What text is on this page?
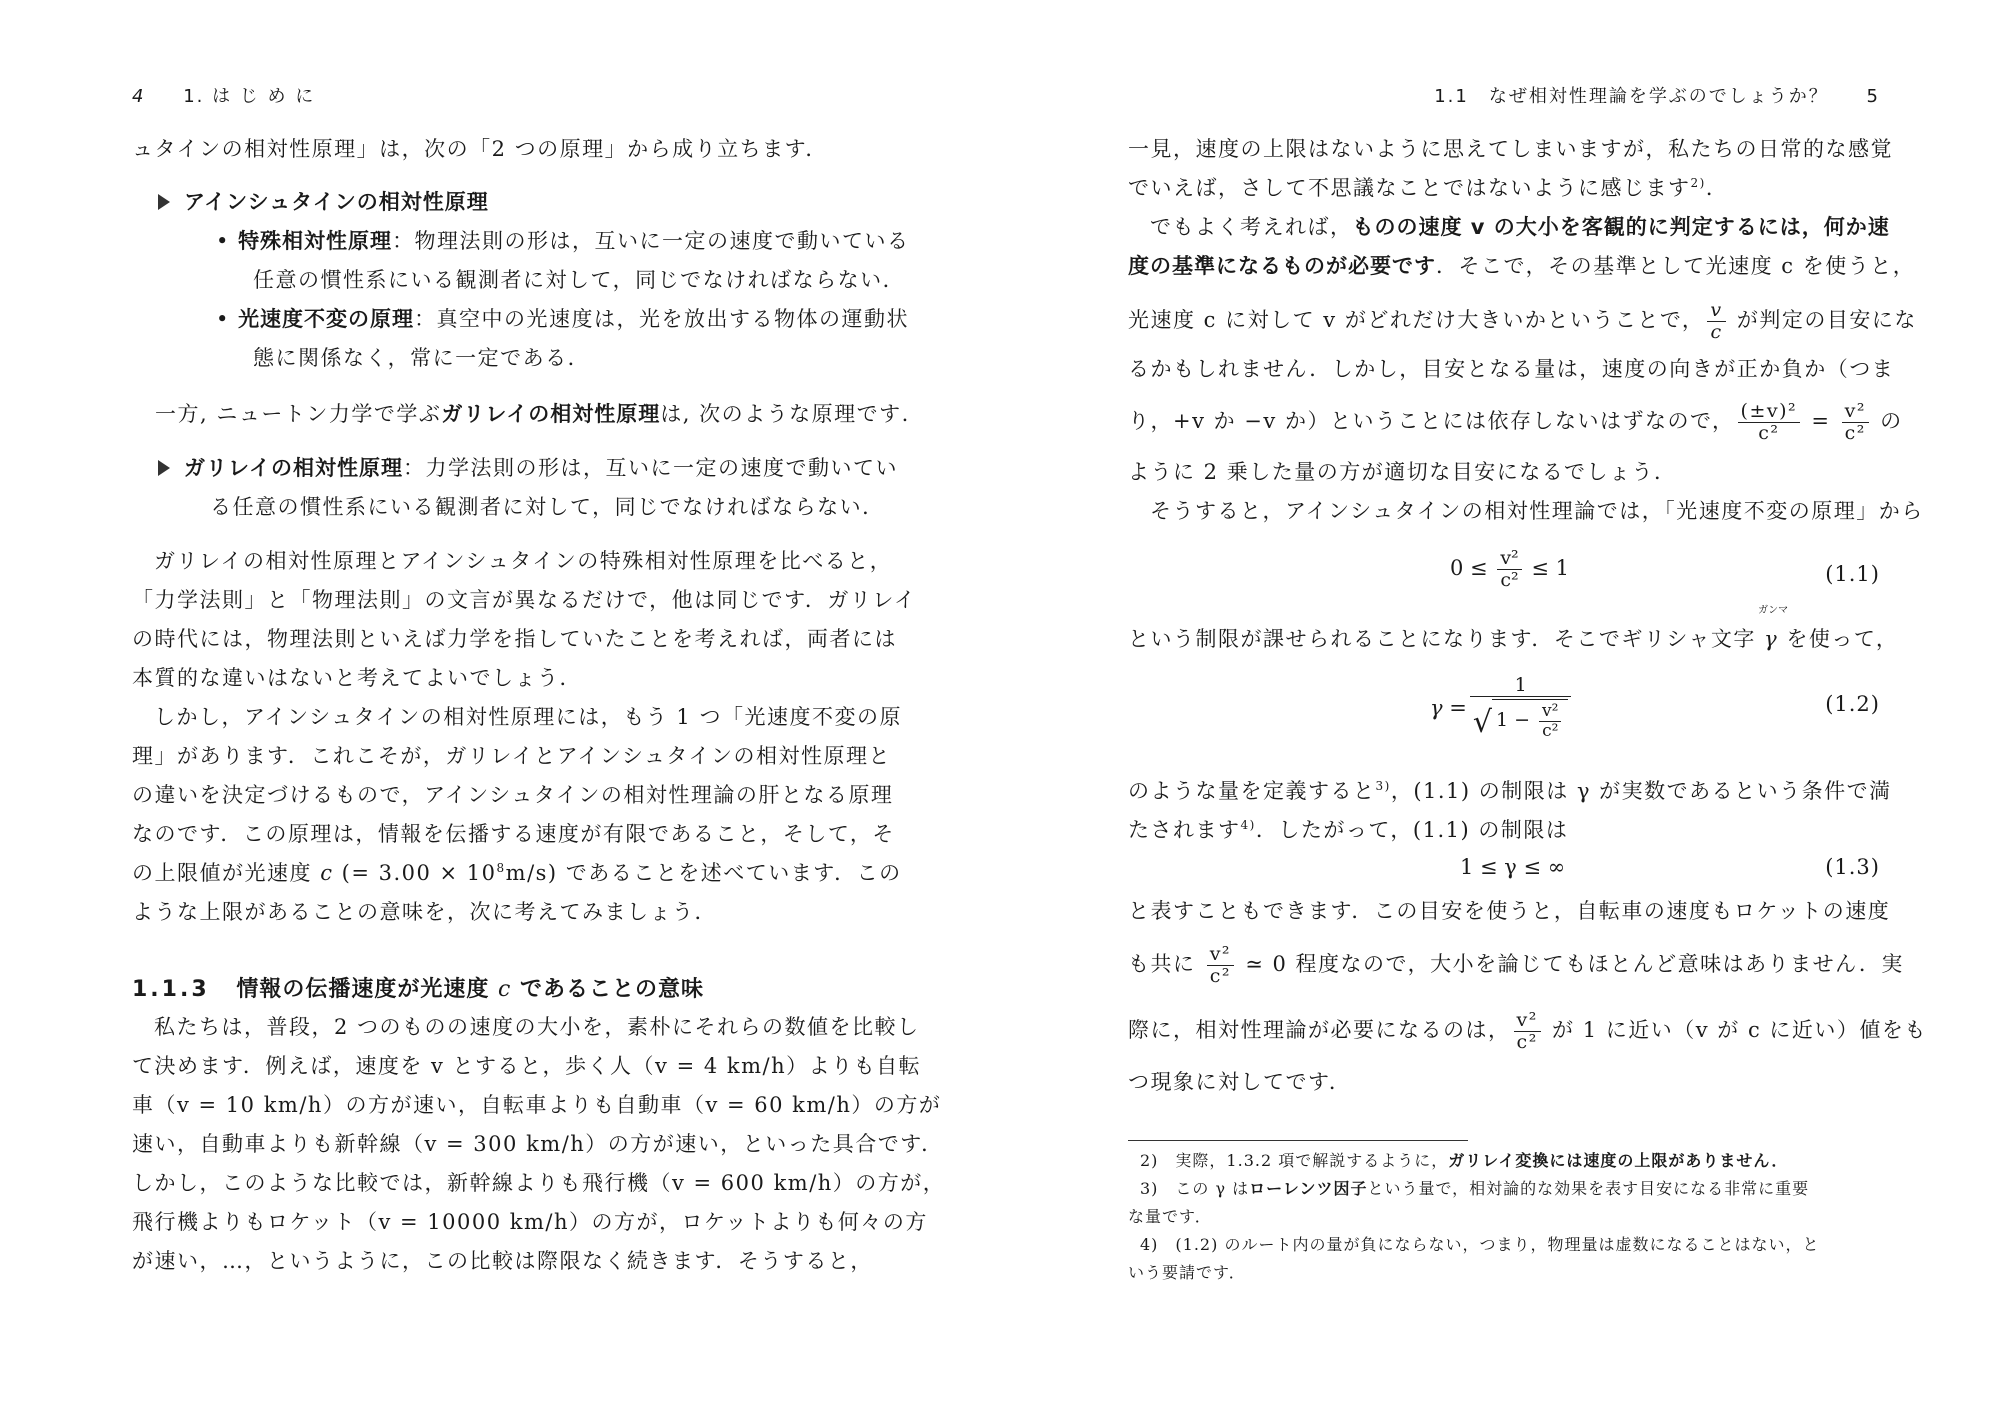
4 1. は じ め に
ュタインの相対性原理」は，次の「2 つの原理」から成り立ちます．
アインシュタインの相対性原理
• 特殊相対性原理：物理法則の形は，互いに一定の速度で動いている
任意の慣性系にいる観測者に対して，同じでなければならない．
• 光速度不変の原理：真空中の光速度は，光を放出する物体の運動状
態に関係なく，常に一定である．
一方, ニュートン力学で学ぶガリレイの相対性原理は, 次のような原理です.
ガリレイの相対性原理：力学法則の形は，互いに一定の速度で動いてい
る任意の慣性系にいる観測者に対して，同じでなければならない．
ガリレイの相対性原理とアインシュタインの特殊相対性原理を比べると，
「力学法則」と「物理法則」の文言が異なるだけで，他は同じです．ガリレイ
の時代には，物理法則といえば力学を指していたことを考えれば，両者には
本質的な違いはないと考えてよいでしょう．
しかし，アインシュタインの相対性原理には，もう 1 つ「光速度不変の原
理」があります．これこそが，ガリレイとアインシュタインの相対性原理と
の違いを決定づけるもので，アインシュタインの相対性理論の肝となる原理
なのです．この原理は，情報を伝播する速度が有限であること，そして，そ
の上限値が光速度 c (= $3.00 \times 10^8m/s$) であることを述べています．この
ような上限があることの意味を，次に考えてみましょう．
1.1.3 情報の伝播速度が光速度 c であることの意味
私たちは，普段，2 つのものの速度の大小を，素朴にそれらの数値を比較し
て決めます．例えば，速度を v とすると，歩く人（v = 4 km/h）よりも自転
車（v = 10 km/h）の方が速い，自転車よりも自動車（v = 60 km/h）の方が
速い，自動車よりも新幹線（v = 300 km/h）の方が速い，といった具合です．
しかし，このような比較では，新幹線よりも飛行機（v = 600 km/h）の方が，
飛行機よりもロケット（v = 10000 km/h）の方が，ロケットよりも何々の方
が速い，…，というように，この比較は際限なく続きます．そうすると，
1.1　なぜ相対性理論を学ぶのでしょうか？ 5
一見，速度の上限はないように思えてしまいますが，私たちの日常的な感覚
でいえば，さして不思議なことではないように感じます$^{2)}$．
でもよく考えれば，ものの速度 v の大小を客観的に判定するには，何か速
度の基準になるものが必要です．そこで，その基準として光速度 c を使うと，
光速度 c に対して v がどれだけ大きいかということで， $\frac{v}{c}$ が判定の目安にな
るかもしれません．しかし，目安となる量は，速度の向きが正か負か（つま
り，+v か −v か）ということには依存しないはずなので， $\frac{\text{(±v)²}}{\text{c²}} = \frac{\text{v²}}{\text{c²}}$ の
ように 2 乗した量の方が適切な目安になるでしょう．
そうすると，アインシュタインの相対性理論では，「光速度不変の原理」から
$0 \le \frac{\text{v²}}{\text{c²}} \le 1$	(1.1)
という制限が課せられることになります．そこでギリシャ文字
ガンマ
γ を使って，
$\gamma = \frac{1}{√ 1 - \frac{\text{v²}}{\text{c²}}}$	(1.2)
のような量を定義すると$^{3)}$，(1.1) の制限は γ が実数であるという条件で満
たされます$^{4)}$．したがって，(1.1) の制限は
1 ≤ γ ≤ ∞	(1.3)
と表すこともできます．この目安を使うと，自転車の速度もロケットの速度
も共に $\frac{\text{v²}}{\text{c²}}$ ≃ 0 程度なので，大小を論じてもほとんど意味はありません．実
際に，相対性理論が必要になるのは， $\frac{\text{v²}}{\text{c²}}$ が 1 に近い（v が c に近い）値をも
つ現象に対してです．
2)　実際，1.3.2 項で解説するように，ガリレイ変換には速度の上限がありません．
3)　この γ はローレンツ因子という量で，相対論的な効果を表す目安になる非常に重要
な量です．
4)　(1.2) のルート内の量が負にならない，つまり，物理量は虚数になることはない，と
いう要請です．
